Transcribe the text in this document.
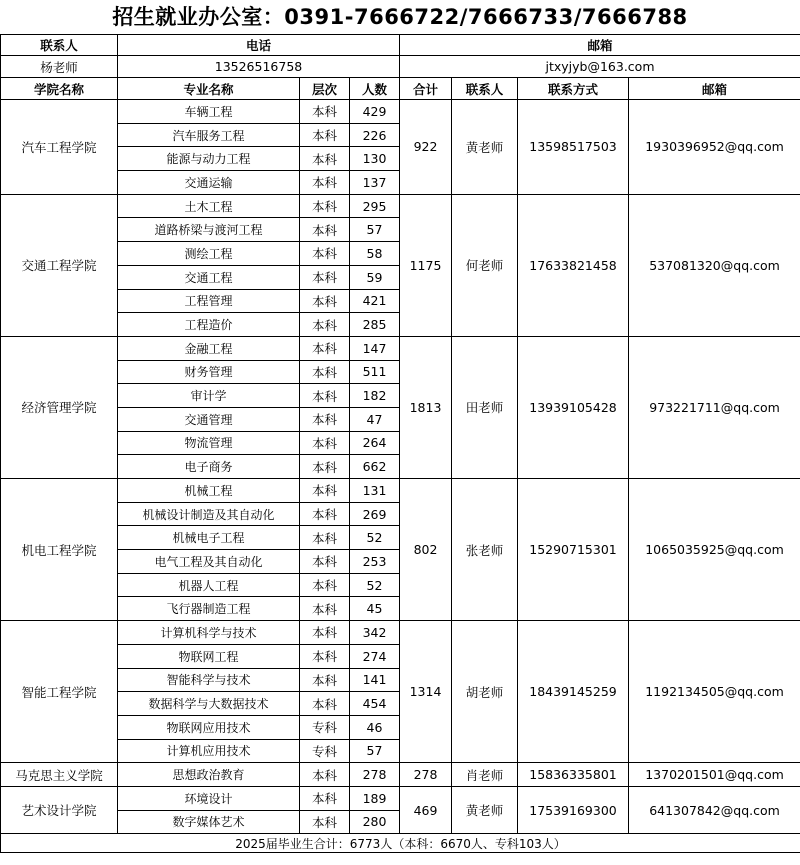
招生就业办公室：0391-7666722/7666733/7666788
联系人	电话			邮箱			
杨老师	13526516758			jtxyjyb@163.com			
学院名称	专业名称	层次	人数	合计	联系人	联系方式	邮箱
汽车工程学院	车辆工程	本科	429	922	黄老师	13598517503	1930396952@qq.com
	汽车服务工程	本科	226				
	能源与动力工程	本科	130				
	交通运输	本科	137				
交通工程学院	土木工程	本科	295	1175	何老师	17633821458	537081320@qq.com
	道路桥梁与渡河工程	本科	57				
	测绘工程	本科	58				
	交通工程	本科	59				
	工程管理	本科	421				
	工程造价	本科	285				
经济管理学院	金融工程	本科	147	1813	田老师	13939105428	973221711@qq.com
	财务管理	本科	511				
	审计学	本科	182				
	交通管理	本科	47				
	物流管理	本科	264				
	电子商务	本科	662				
机电工程学院	机械工程	本科	131	802	张老师	15290715301	1065035925@qq.com
	机械设计制造及其自动化	本科	269				
	机械电子工程	本科	52				
	电气工程及其自动化	本科	253				
	机器人工程	本科	52				
	飞行器制造工程	本科	45				
智能工程学院	计算机科学与技术	本科	342	1314	胡老师	18439145259	1192134505@qq.com
	物联网工程	本科	274				
	智能科学与技术	本科	141				
	数据科学与大数据技术	本科	454				
	物联网应用技术	专科	46				
	计算机应用技术	专科	57				
马克思主义学院	思想政治教育	本科	278	278	肖老师	15836335801	1370201501@qq.com
艺术设计学院	环境设计	本科	189	469	黄老师	17539169300	641307842@qq.com
	数字媒体艺术	本科	280				
2025届毕业生合计：6773人（本科：6670人、专科103人）							
